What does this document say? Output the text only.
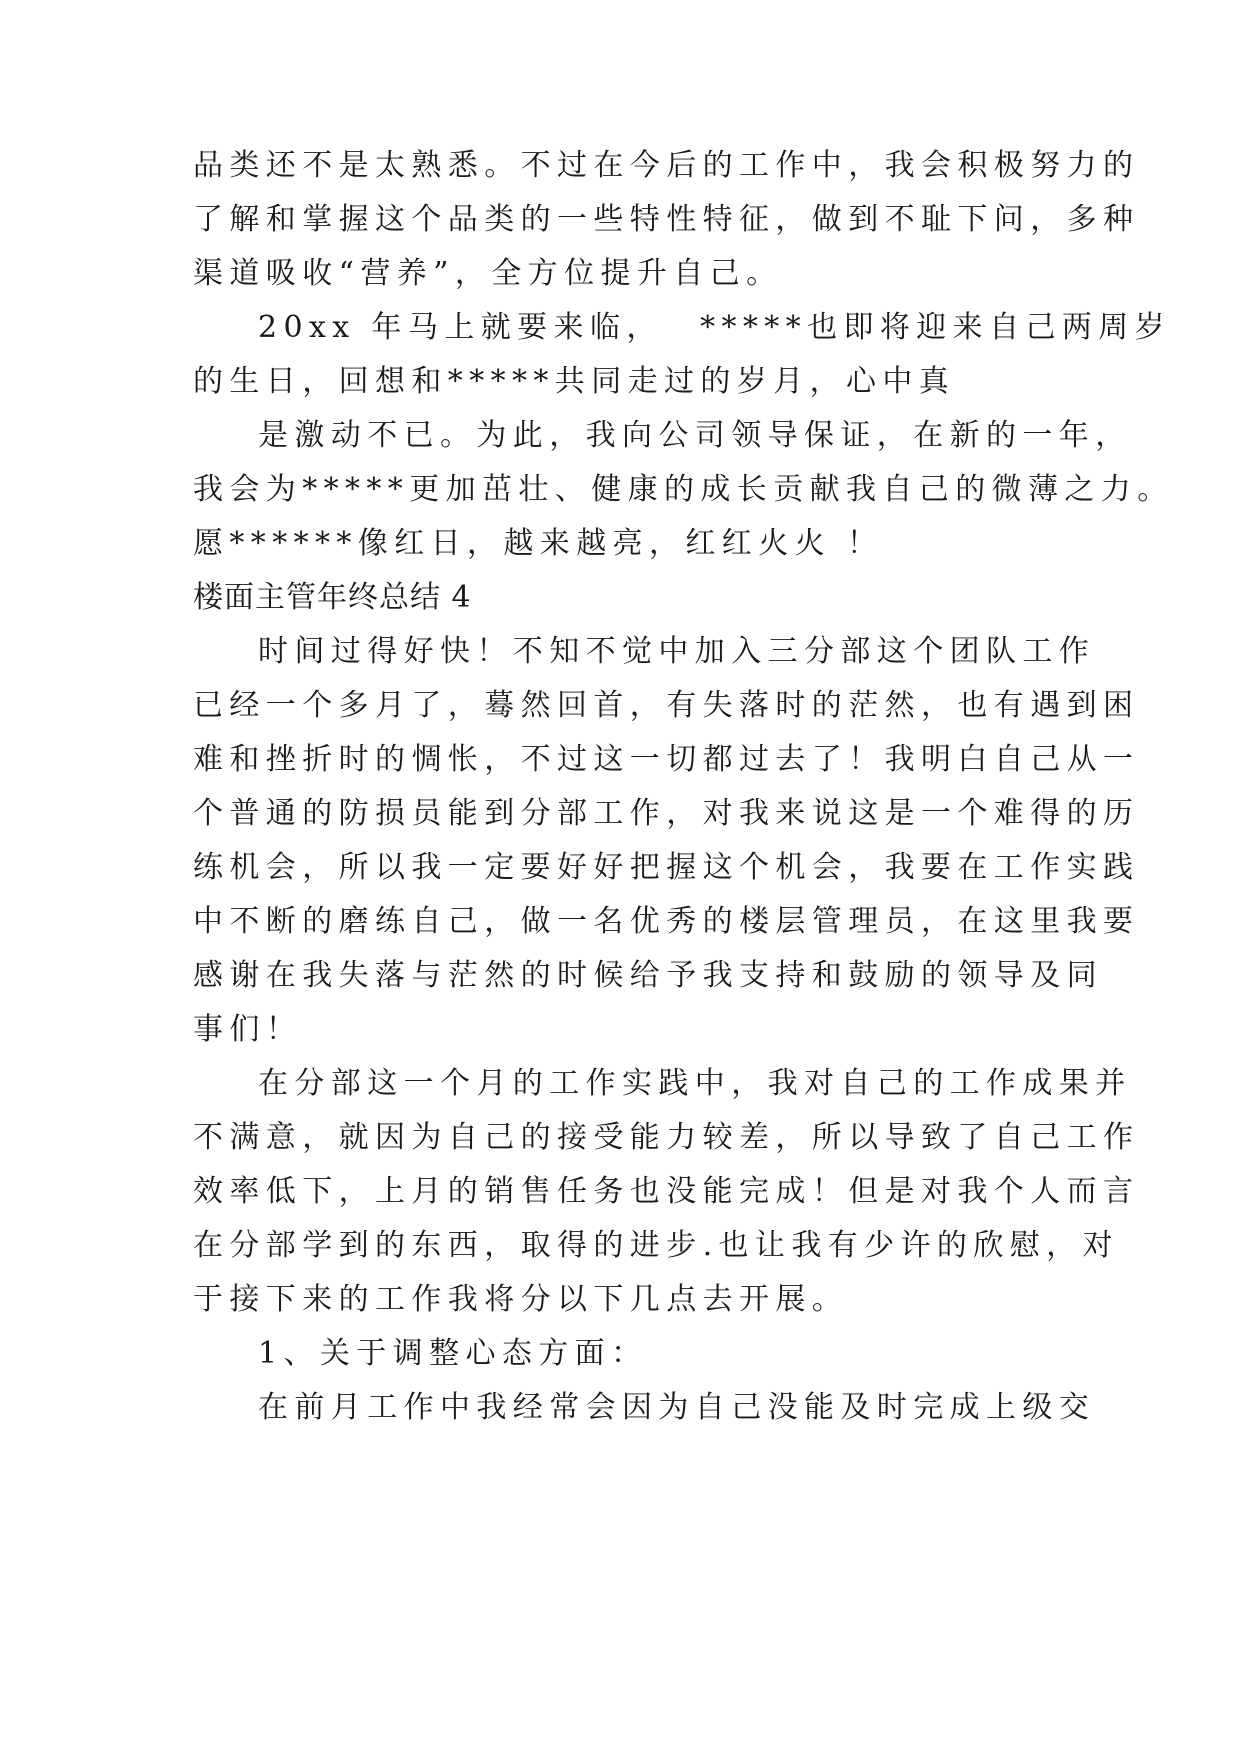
品类还不是太熟悉。不过在今后的工作中，我会积极努力的
了解和掌握这个品类的一些特性特征，做到不耻下问，多种
渠道吸收“营养”，全方位提升自己。
20xx 年马上就要来临，　 *****也即将迎来自己两周岁
的生日，回想和*****共同走过的岁月，心中真
是激动不已。为此，我向公司领导保证，在新的一年，
我会为*****更加茁壮、健康的成长贡献我自己的微薄之力。
愿******像红日，越来越亮，红红火火 ！
楼面主管年终总结 4
时间过得好快！不知不觉中加入三分部这个团队工作
已经一个多月了，蓦然回首，有失落时的茫然，也有遇到困
难和挫折时的惆怅，不过这一切都过去了！我明白自己从一
个普通的防损员能到分部工作，对我来说这是一个难得的历
练机会，所以我一定要好好把握这个机会，我要在工作实践
中不断的磨练自己，做一名优秀的楼层管理员，在这里我要
感谢在我失落与茫然的时候给予我支持和鼓励的领导及同
事们！
在分部这一个月的工作实践中，我对自己的工作成果并
不满意，就因为自己的接受能力较差，所以导致了自己工作
效率低下，上月的销售任务也没能完成！但是对我个人而言
在分部学到的东西，取得的进步.也让我有少许的欣慰，对
于接下来的工作我将分以下几点去开展。
1、关于调整心态方面：
在前月工作中我经常会因为自己没能及时完成上级交
